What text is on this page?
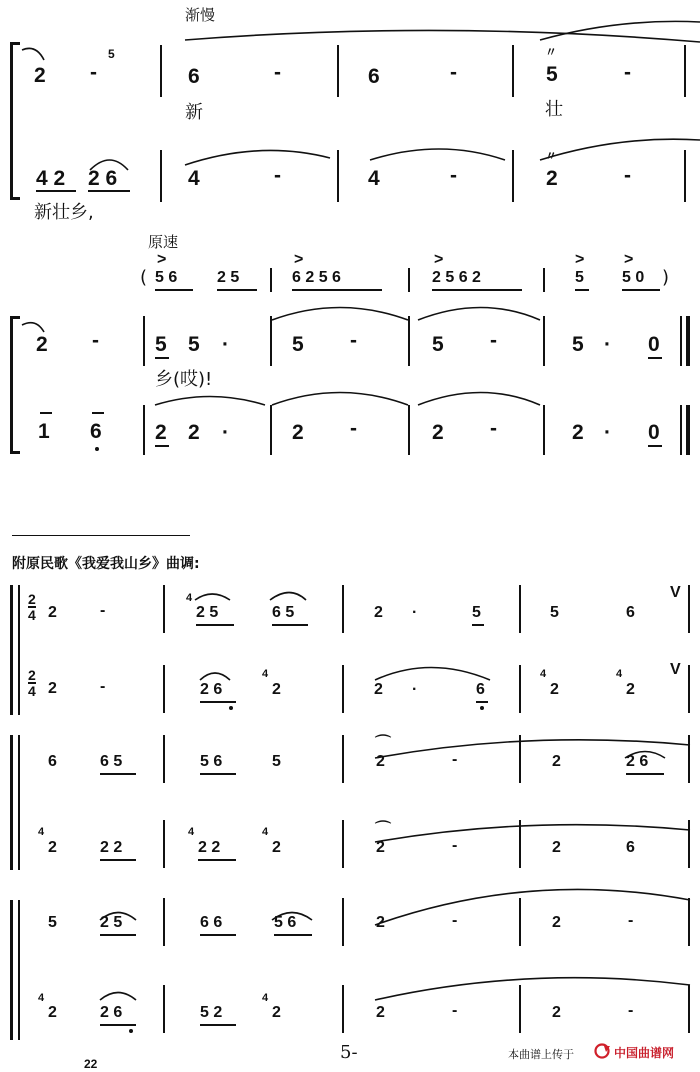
渐慢
2 -
5
6	-	6	-
〃
5	-
新	壮
4 2 2 6	4	-	4	-
〃
2	-
新壮乡,
原速
(
>
5 6 2 5
>
6 2 5 6
>
2 5 6 2
>
5
>
5 0 )
2 -	5 5 ·	5 -	5 -	5 · 0
乡(哎)!
1 6	2 2 ·	2 -	2 -	2 · 0
附原民歌《我爱我山乡》曲调:
$\frac{2}{4} 2$	-
4
2 5	6 5	2 ·	5	5	6
V
$\frac{2}{4} 2$	-	2 6
4
2	2 ·	6
4
2
4
2
V
6	6 5	5 6	5
⌒
2	-	2	2 6
4
2	2 2
4
2 2
4
2
⌒
2	-	2	6
5	2 5	6 6	5 6	2	-	2	-
4
2	2 6	5 2
4
2	2	-	2	-
22
5-	本曲谱上传于	中国曲谱网
